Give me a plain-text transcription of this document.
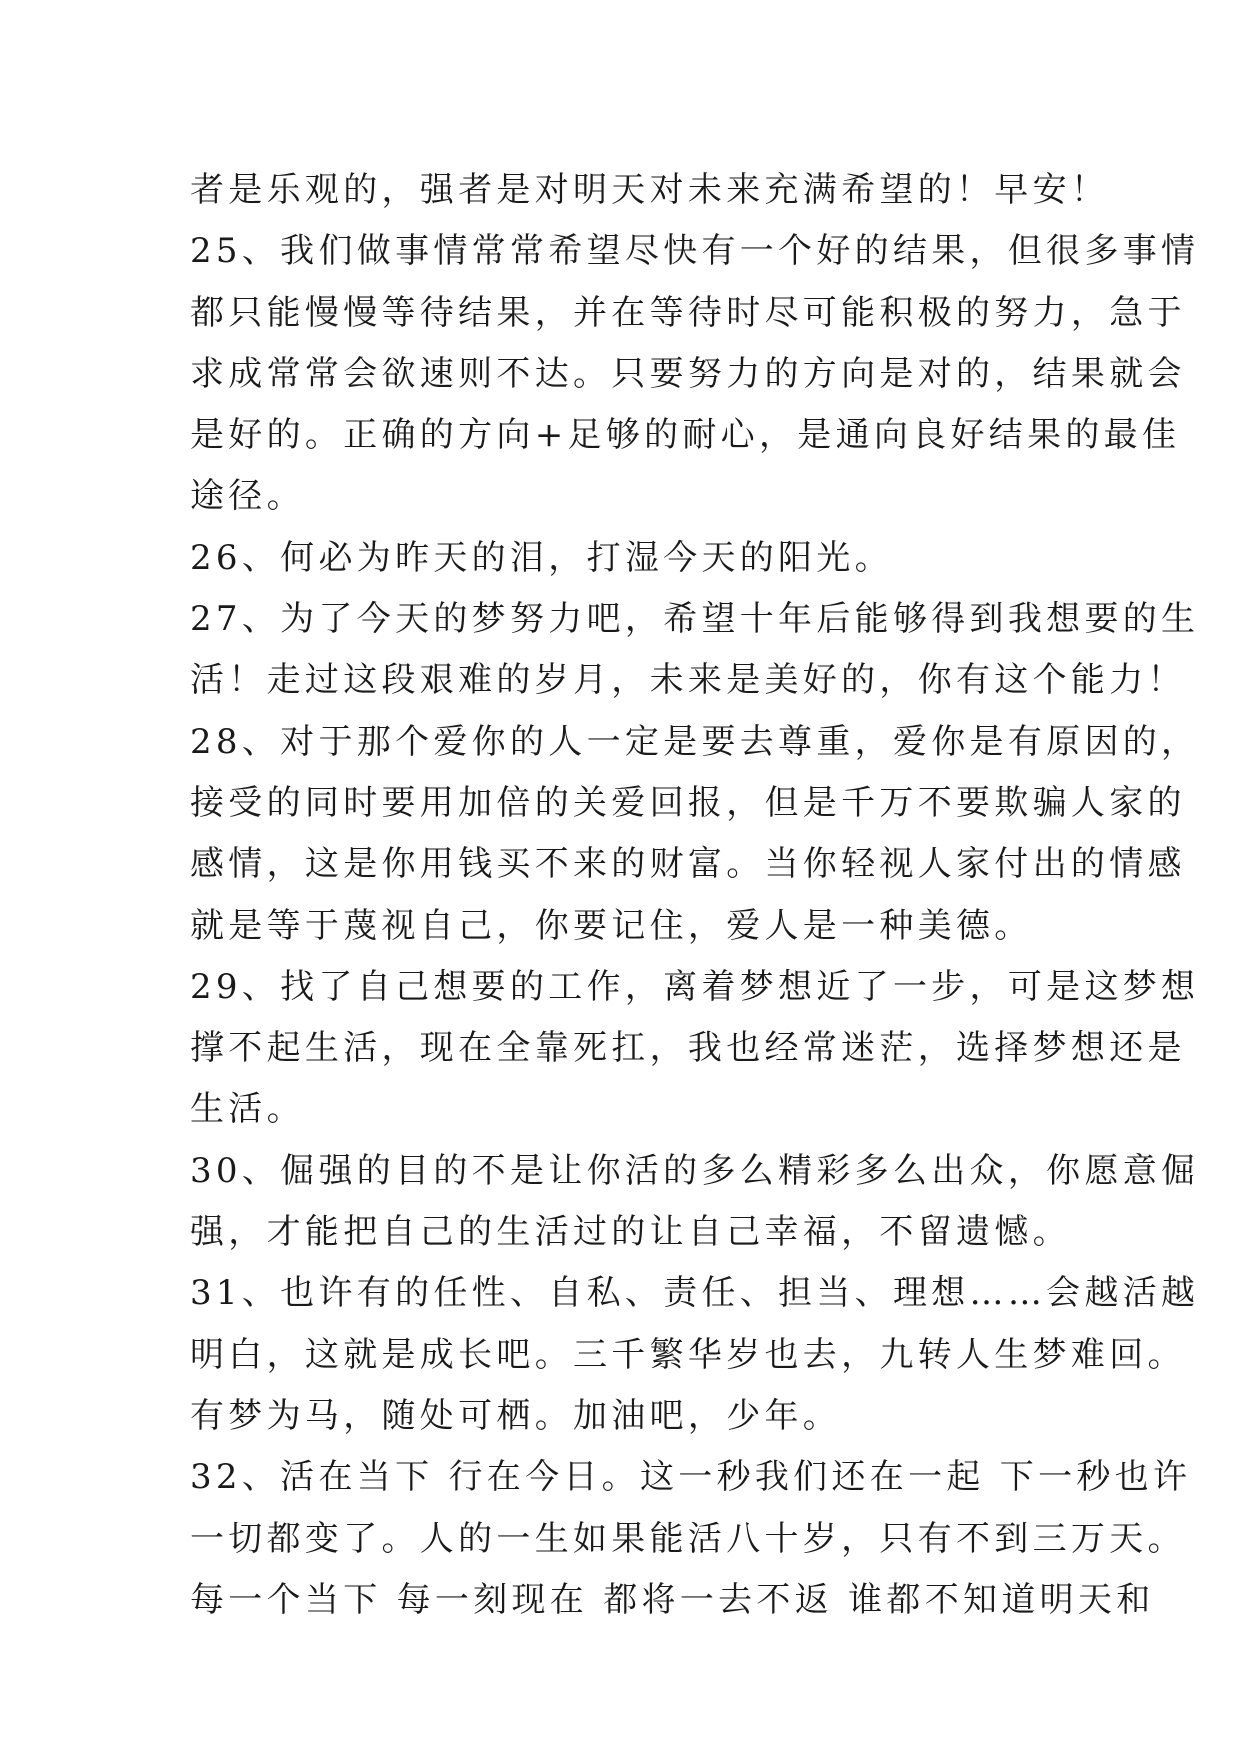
者是乐观的，强者是对明天对未来充满希望的！早安！
25、我们做事情常常希望尽快有一个好的结果，但很多事情
都只能慢慢等待结果，并在等待时尽可能积极的努力，急于
求成常常会欲速则不达。只要努力的方向是对的，结果就会
是好的。正确的方向+足够的耐心，是通向良好结果的最佳
途径。
26、何必为昨天的泪，打湿今天的阳光。
27、为了今天的梦努力吧，希望十年后能够得到我想要的生
活！走过这段艰难的岁月，未来是美好的，你有这个能力！
28、对于那个爱你的人一定是要去尊重，爱你是有原因的，
接受的同时要用加倍的关爱回报，但是千万不要欺骗人家的
感情，这是你用钱买不来的财富。当你轻视人家付出的情感
就是等于蔑视自己，你要记住，爱人是一种美德。
29、找了自己想要的工作，离着梦想近了一步，可是这梦想
撑不起生活，现在全靠死扛，我也经常迷茫，选择梦想还是
生活。
30、倔强的目的不是让你活的多么精彩多么出众，你愿意倔
强，才能把自己的生活过的让自己幸福，不留遗憾。
31、也许有的任性、自私、责任、担当、理想……会越活越
明白，这就是成长吧。三千繁华岁也去，九转人生梦难回。
有梦为马，随处可栖。加油吧，少年。
32、活在当下 行在今日。这一秒我们还在一起 下一秒也许
一切都变了。人的一生如果能活八十岁，只有不到三万天。
每一个当下 每一刻现在 都将一去不返 谁都不知道明天和
